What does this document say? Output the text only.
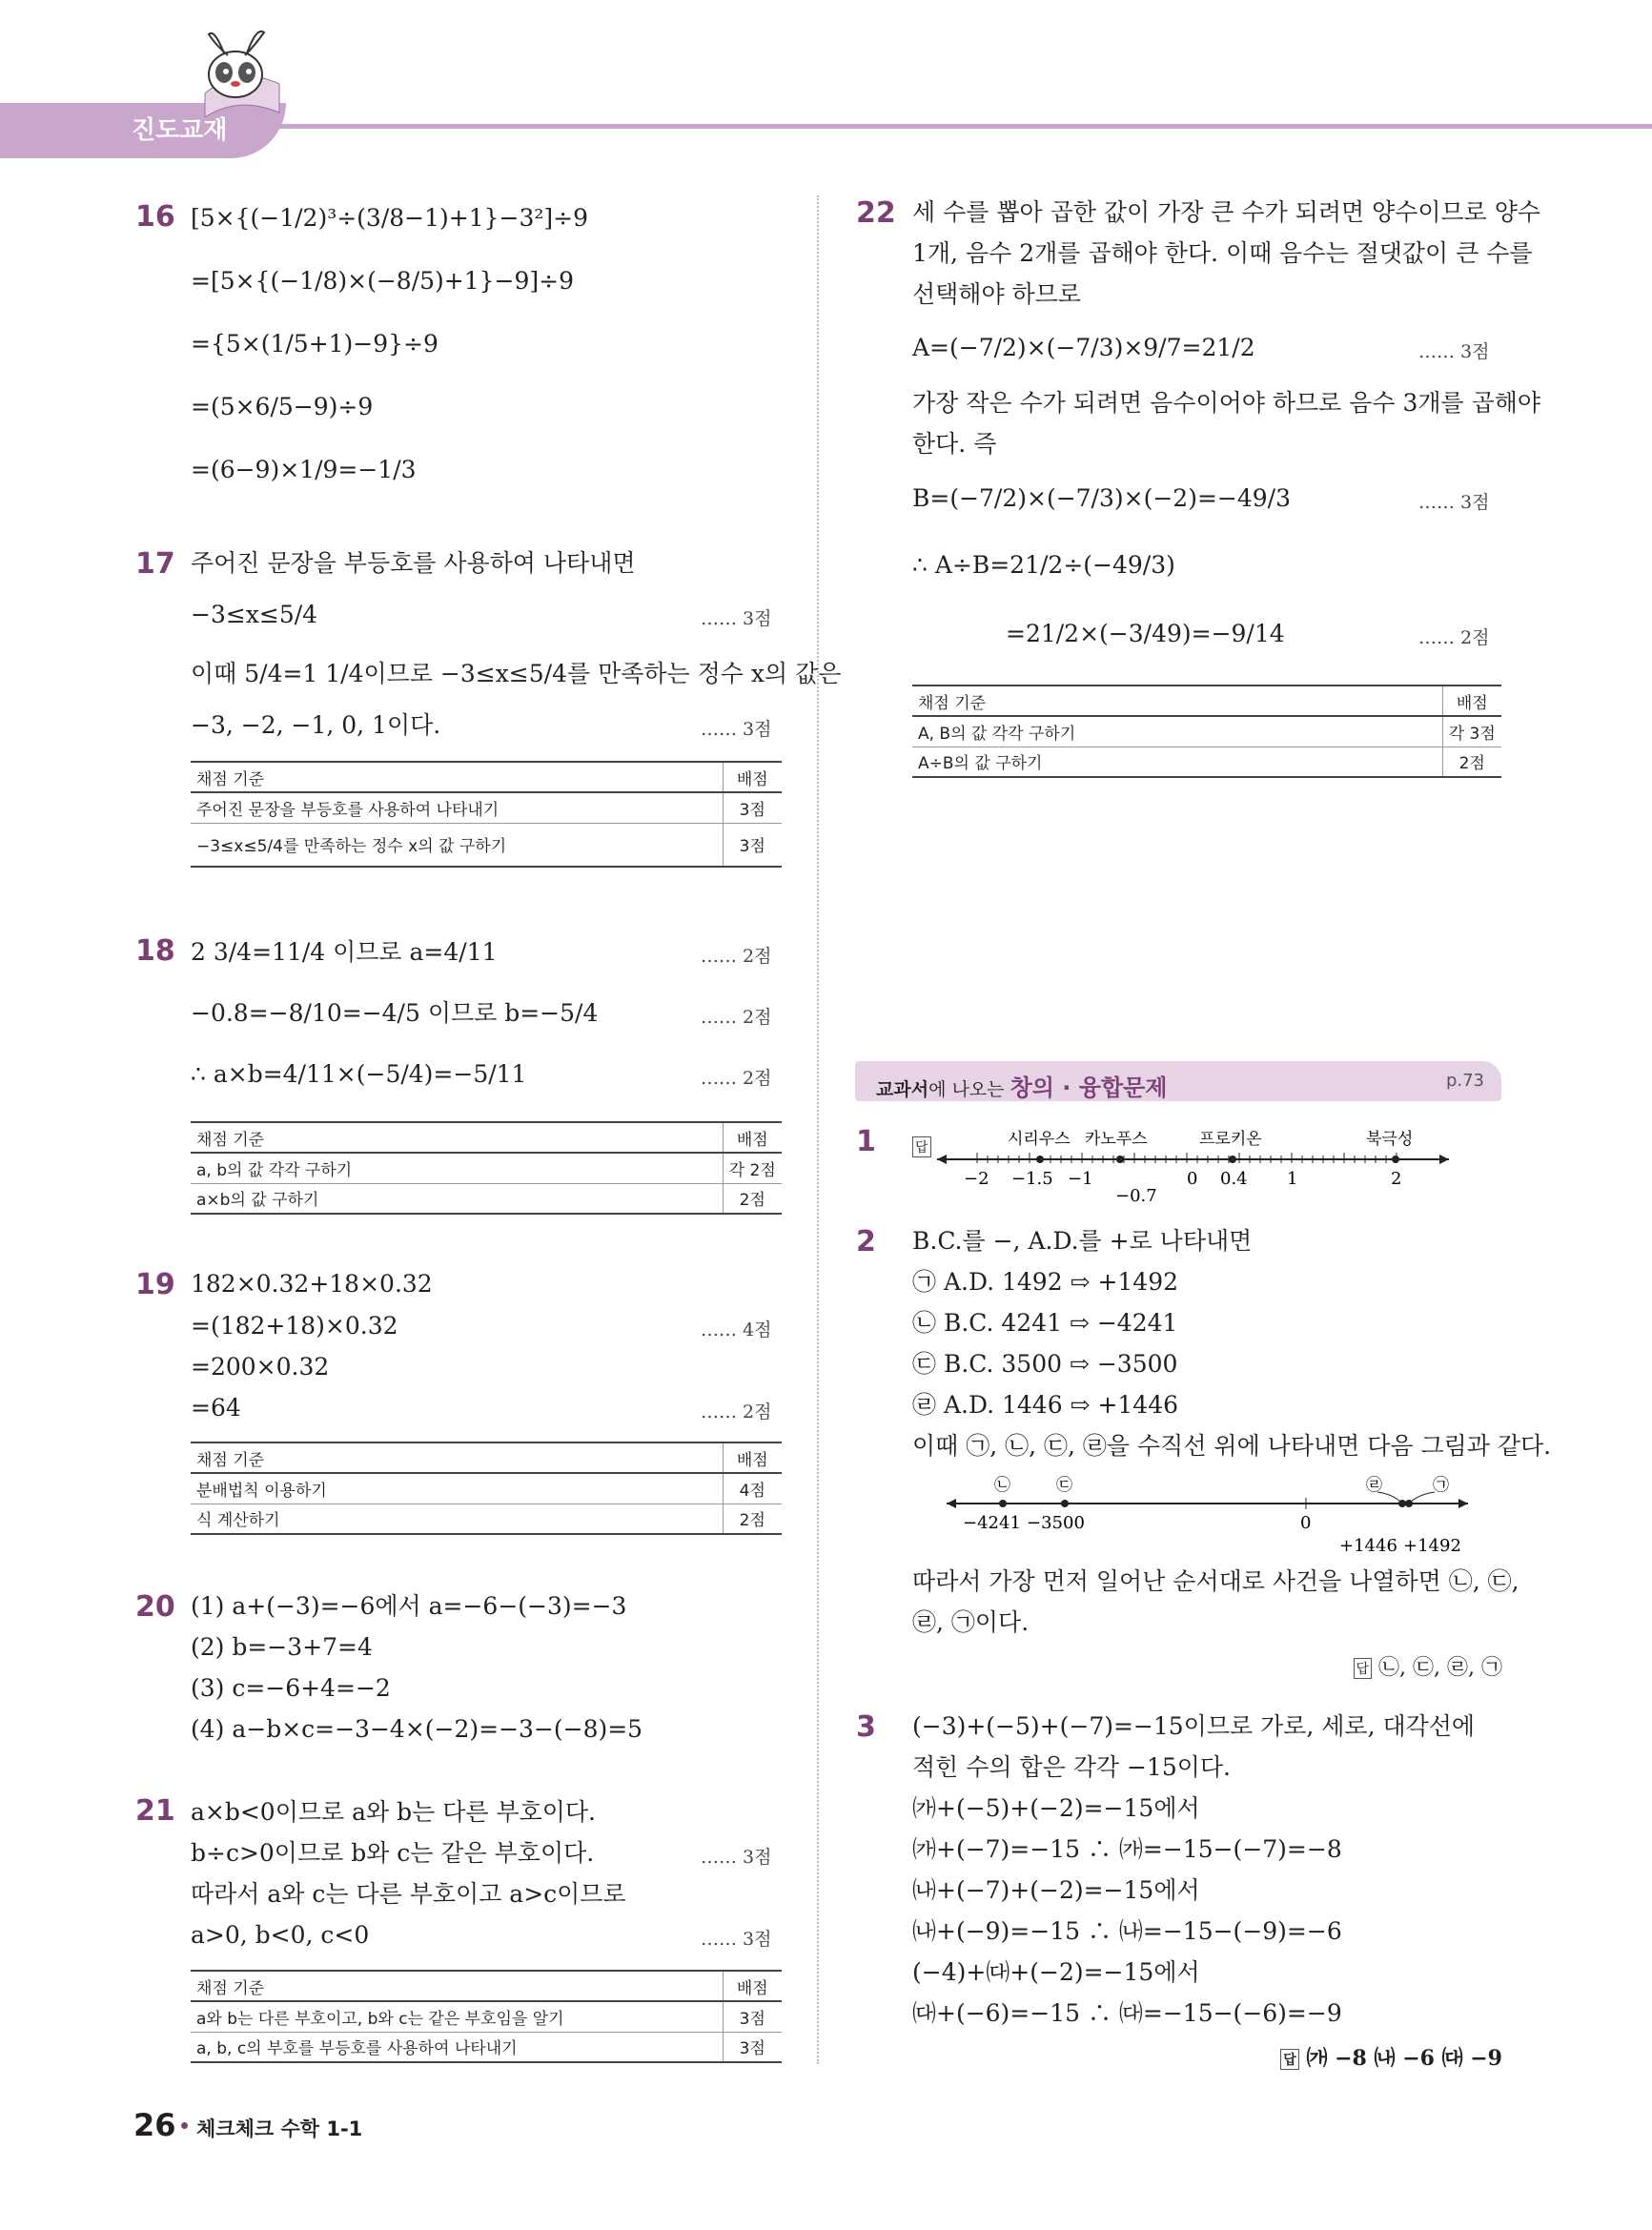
진도교재
16 [5×{(−1/2)³÷(3/8−1)+1}−3²]÷9
=[5×{(−1/8)×(−8/5)+1}−9]÷9
={5×(1/5+1)−9}÷9
=(5×6/5−9)÷9
=(6−9)×1/9=−1/3
17 주어진 문장을 부등호를 사용하여 나타내면
−3≤x≤5/4	…… 3점
이때 5/4=1 1/4이므로 −3≤x≤5/4를 만족하는 정수 x의 값은
−3, −2, −1, 0, 1이다.	…… 3점
채점 기준	배점
주어진 문장을 부등호를 사용하여 나타내기	3점
−3≤x≤5/4를 만족하는 정수 x의 값 구하기	3점
18 2 3/4=11/4 이므로 a=4/11	…… 2점
−0.8=−8/10=−4/5 이므로 b=−5/4	…… 2점
∴ a×b=4/11×(−5/4)=−5/11	…… 2점
채점 기준	배점
a, b의 값 각각 구하기	각 2점
a×b의 값 구하기	2점
19 182×0.32+18×0.32
=(182+18)×0.32	…… 4점
=200×0.32
=64	…… 2점
채점 기준	배점
분배법칙 이용하기	4점
식 계산하기	2점
20 (1) a+(−3)=−6에서 a=−6−(−3)=−3
(2) b=−3+7=4
(3) c=−6+4=−2
(4) a−b×c=−3−4×(−2)=−3−(−8)=5
21 a×b<0이므로 a와 b는 다른 부호이다.
b÷c>0이므로 b와 c는 같은 부호이다.	…… 3점
따라서 a와 c는 다른 부호이고 a>c이므로
a>0, b<0, c<0	…… 3점
채점 기준	배점
a와 b는 다른 부호이고, b와 c는 같은 부호임을 알기	3점
a, b, c의 부호를 부등호를 사용하여 나타내기	3점
22 세 수를 뽑아 곱한 값이 가장 큰 수가 되려면 양수이므로 양수
1개, 음수 2개를 곱해야 한다. 이때 음수는 절댓값이 큰 수를
선택해야 하므로
A=(−7/2)×(−7/3)×9/7=21/2	…… 3점
가장 작은 수가 되려면 음수이어야 하므로 음수 3개를 곱해야
한다. 즉
B=(−7/2)×(−7/3)×(−2)=−49/3	…… 3점
∴ A÷B=21/2÷(−49/3)
=21/2×(−3/49)=−9/14	…… 2점
채점 기준	배점
A, B의 값 각각 구하기	각 3점
A÷B의 값 구하기	2점
교과서에 나오는 창의 · 융합문제	p.73
1	답	시리우스 카노푸스	프로키온	북극성
−2 −1.5 −1	0 0.4 1	2
−0.7
2 B.C.를 −, A.D.를 +로 나타내면
㉠ A.D. 1492 ⇨ +1492
㉡ B.C. 4241 ⇨ −4241
㉢ B.C. 3500 ⇨ −3500
㉣ A.D. 1446 ⇨ +1446
이때 ㉠, ㉡, ㉢, ㉣을 수직선 위에 나타내면 다음 그림과 같다.
㉡	㉢	㉣	㉠
−4241 −3500	0
+1446 +1492
따라서 가장 먼저 일어난 순서대로 사건을 나열하면 ㉡, ㉢,
㉣, ㉠이다.
답 ㉡, ㉢, ㉣, ㉠
3 (−3)+(−5)+(−7)=−15이므로 가로, 세로, 대각선에
적힌 수의 합은 각각 −15이다.
㈎+(−5)+(−2)=−15에서
㈎+(−7)=−15 ∴ ㈎=−15−(−7)=−8
㈏+(−7)+(−2)=−15에서
㈏+(−9)=−15 ∴ ㈏=−15−(−9)=−6
(−4)+㈐+(−2)=−15에서
㈐+(−6)=−15 ∴ ㈐=−15−(−6)=−9
답 ㈎ −8 ㈏ −6 ㈐ −9
26 체크체크 수학 1-1
